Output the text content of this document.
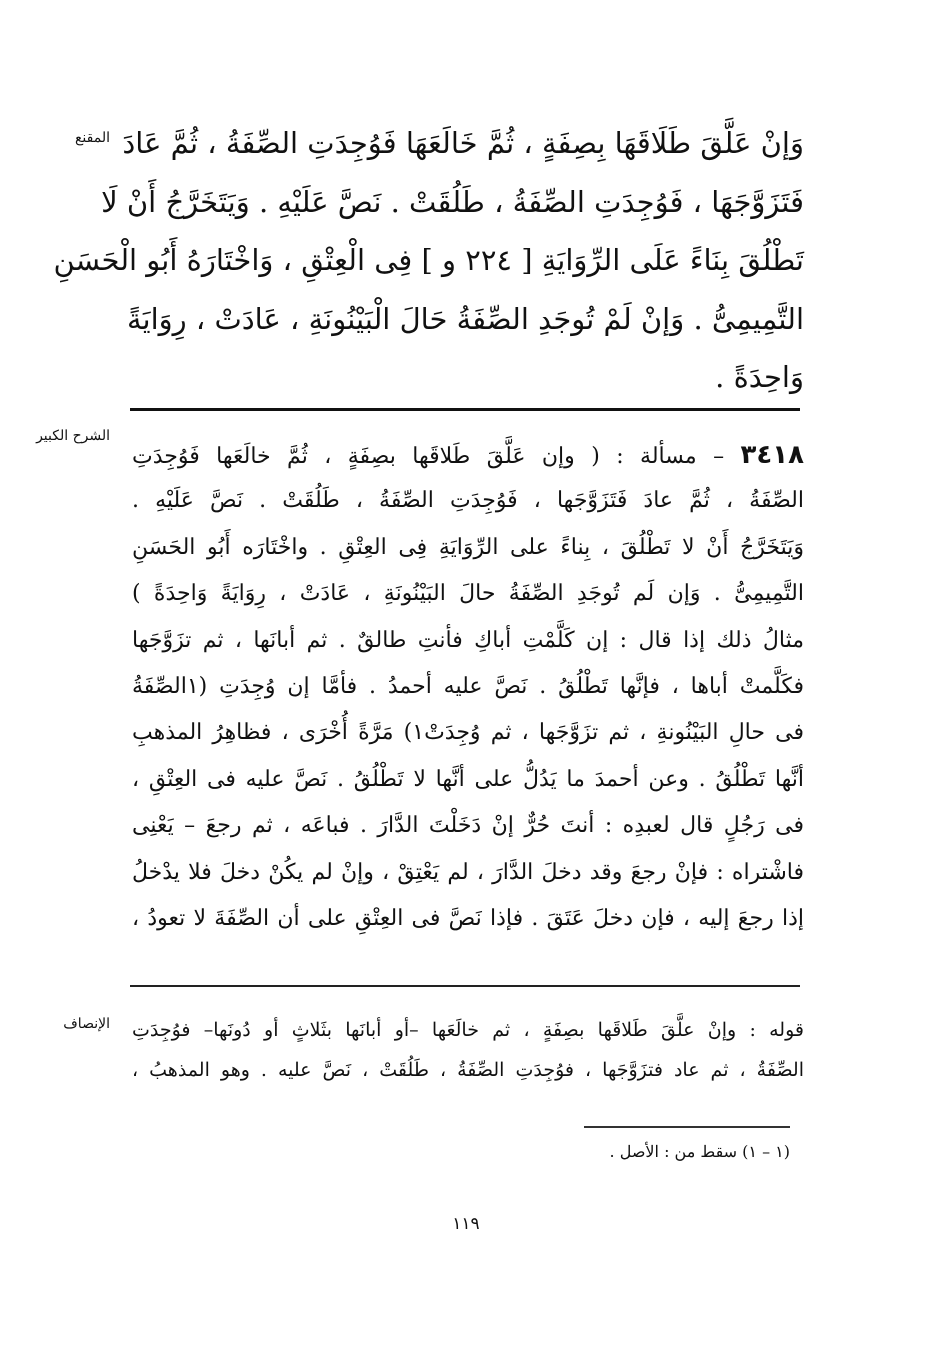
المقنع وَإنْ عَلَّقَ طَلَاقَهَا بِصِفَةٍ ، ثُمَّ خَالَعَهَا فَوُجِدَتِ الصِّفَةُ ، ثُمَّ عَادَ
فَتَزَوَّجَهَا ، فَوُجِدَتِ الصِّفَةُ ، طَلُقَتْ . نَصَّ عَلَيْهِ . وَيَتَخَرَّجُ أَنْ لَا
تَطْلُقَ بِنَاءً عَلَى الرِّوَايَةِ [ ٢٢٤ و ] فِى الْعِتْقِ ، وَاخْتَارَهُ أَبُو الْحَسَنِ
التَّمِيمِىُّ . وَإنْ لَمْ تُوجَدِ الصِّفَةُ حَالَ الْبَيْنُونَةِ ، عَادَتْ ، رِوَايَةً
وَاحِدَةً .
الشرح الكبير
٣٤١٨ – مسألة : ( وإن عَلَّقَ طَلاقَها بصِفَةٍ ، ثُمَّ خالَعَها فَوُجِدَتِ
الصِّفَةُ ، ثُمَّ عادَ فَتَزَوَّجَها ، فَوُجِدَتِ الصِّفَةُ ، طَلُقَتْ . نَصَّ عَلَيْهِ .
وَيَتَخَرَّجُ أَنْ لا تَطْلُقَ ، بِناءً على الرِّوَايَةِ فِى العِتْقِ . واخْتَارَه أَبُو الحَسَنِ
التَّمِيمِىُّ . وَإن لَم تُوجَدِ الصِّفَةُ حالَ البَيْنُونَةِ ، عَادَتْ ، رِوَايَةً وَاحِدَةً )
مثالُ ذلك إذا قال : إن كَلَّمْتِ أباكِ فأنتِ طالقٌ . ثم أبانَها ، ثم تزَوَّجَها
فكَلَّمتْ أباها ، فإنَّها تَطْلُقُ . نَصَّ عليه أحمدُ . فأمَّا إن وُجِدَتِ (١الصِّفَةُ
فى حالِ البَيْنُونةِ ، ثم تزَوَّجَها ، ثم وُجِدَتْ١) مَرَّةً أُخْرَى ، فظاهِرُ المذهبِ
أنَّها تَطْلُقُ . وعن أحمدَ ما يَدُلُّ على أنَّها لا تَطْلُقُ . نَصَّ عليه فى العِتْقِ ،
فى رَجُلٍ قال لعبدِه : أنتَ حُرٌّ إنْ دَخَلْتَ الدَّارَ . فباعَه ، ثم رجعَ – يَعْنِى
فاشْتراه : فإنْ رجعَ وقد دخلَ الدَّارَ ، لم يَعْتِقْ ، وإنْ لم يكُنْ دخلَ فلا يدْخلُ
إذا رجعَ إليه ، فإن دخلَ عَتَقَ . فإذا نَصَّ فى العِتْقِ على أن الصِّفَةَ لا تعودُ ،
الإنصاف قوله : وإنْ علَّقَ طَلاقَها بصِفَةٍ ، ثم خالَعَها –أو أبانَها بثَلاثٍ أو دُونَها– فوُجِدَتِ
الصِّفَةُ ، ثم عاد فتزَوَّجَها ، فوُجِدَتِ الصِّفَةُ ، طَلُقَتْ ، نَصَّ عليه . وهو المذهبُ ،
(١ – ١) سقط من : الأصل .
١١٩
